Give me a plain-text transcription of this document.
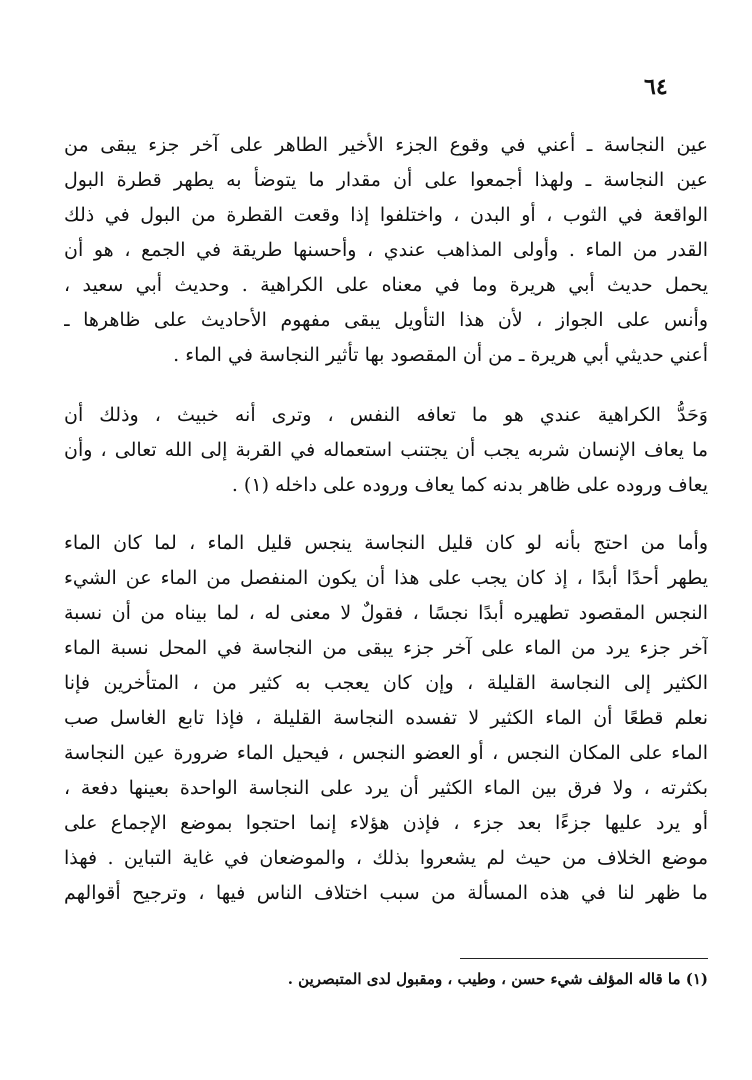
٦٤
عين النجاسة ـ أعني في وقوع الجزء الأخير الطاهر على آخر جزء يبقى من
عين النجاسة ـ ولهذا أجمعوا على أن مقدار ما يتوضأ به يطهر قطرة البول
الواقعة في الثوب ، أو البدن ، واختلفوا إذا وقعت القطرة من البول في ذلك
القدر من الماء . وأولى المذاهب عندي ، وأحسنها طريقة في الجمع ، هو أن
يحمل حديث أبي هريرة وما في معناه على الكراهية . وحديث أبي سعيد ،
وأنس على الجواز ، لأن هذا التأويل يبقى مفهوم الأحاديث على ظاهرها ـ
أعني حديثي أبي هريرة ـ من أن المقصود بها تأثير النجاسة في الماء .
وَحَدُّ الكراهية عندي هو ما تعافه النفس ، وترى أنه خبيث ، وذلك أن
ما يعاف الإنسان شربه يجب أن يجتنب استعماله في القربة إلى الله تعالى ، وأن
يعاف وروده على ظاهر بدنه كما يعاف وروده على داخله (١) .
وأما من احتج بأنه لو كان قليل النجاسة ينجس قليل الماء ، لما كان الماء
يطهر أحدًا أبدًا ، إذ كان يجب على هذا أن يكون المنفصل من الماء عن الشيء
النجس المقصود تطهيره أبدًا نجسًا ، فقولٌ لا معنى له ، لما بيناه من أن نسبة
آخر جزء يرد من الماء على آخر جزء يبقى من النجاسة في المحل نسبة الماء
الكثير إلى النجاسة القليلة ، وإن كان يعجب به كثير من ، المتأخرين فإنا
نعلم قطعًا أن الماء الكثير لا تفسده النجاسة القليلة ، فإذا تابع الغاسل صب
الماء على المكان النجس ، أو العضو النجس ، فيحيل الماء ضرورة عين النجاسة
بكثرته ، ولا فرق بين الماء الكثير أن يرد على النجاسة الواحدة بعينها دفعة ،
أو يرد عليها جزءًا بعد جزء ، فإذن هؤلاء إنما احتجوا بموضع الإجماع على
موضع الخلاف من حيث لم يشعروا بذلك ، والموضعان في غاية التباين . فهذا
ما ظهر لنا في هذه المسألة من سبب اختلاف الناس فيها ، وترجيح أقوالهم
(١) ما قاله المؤلف شيء حسن ، وطيب ، ومقبول لدى المتبصرين .
